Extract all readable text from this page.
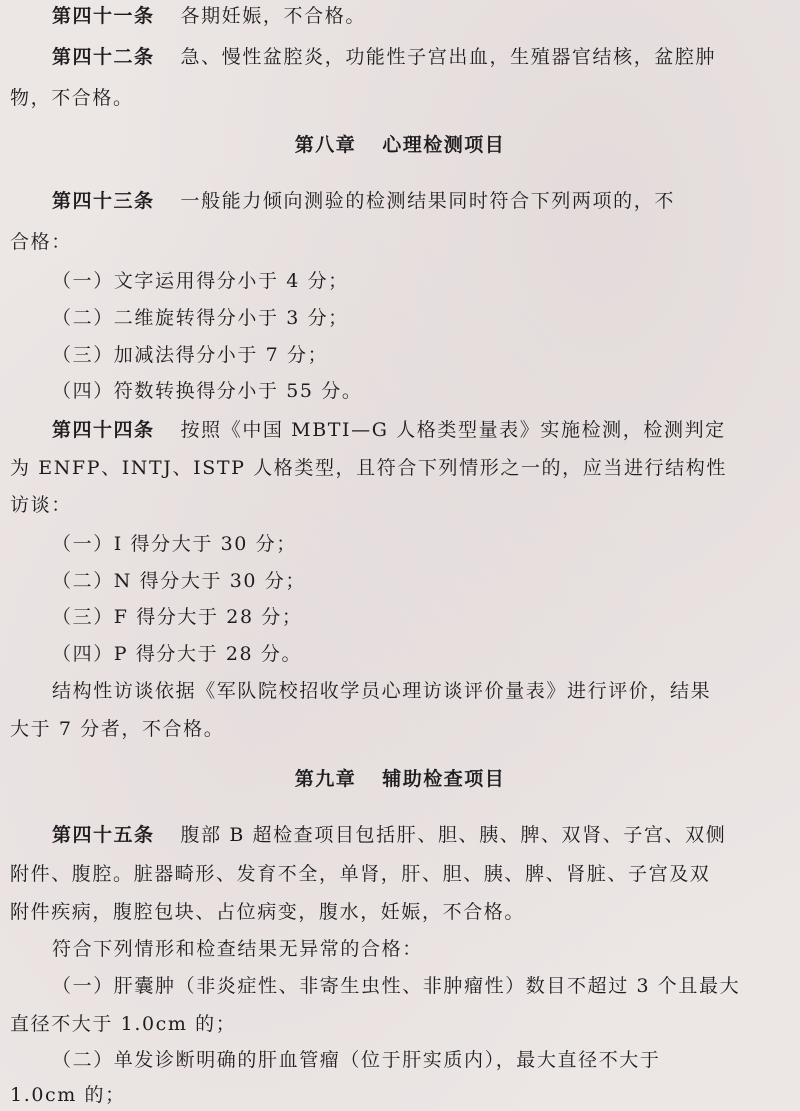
第四十一条 各期妊娠，不合格。
第四十二条 急、慢性盆腔炎，功能性子宫出血，生殖器官结核，盆腔肿
物，不合格。
第八章 心理检测项目
第四十三条 一般能力倾向测验的检测结果同时符合下列两项的，不
合格：
（一）文字运用得分小于 4 分；
（二）二维旋转得分小于 3 分；
（三）加减法得分小于 7 分；
（四）符数转换得分小于 55 分。
第四十四条 按照《中国 MBTI—G 人格类型量表》实施检测，检测判定
为 ENFP、INTJ、ISTP 人格类型，且符合下列情形之一的，应当进行结构性
访谈：
（一）I 得分大于 30 分；
（二）N 得分大于 30 分；
（三）F 得分大于 28 分；
（四）P 得分大于 28 分。
结构性访谈依据《军队院校招收学员心理访谈评价量表》进行评价，结果
大于 7 分者，不合格。
第九章 辅助检查项目
第四十五条 腹部 B 超检查项目包括肝、胆、胰、脾、双肾、子宫、双侧
附件、腹腔。脏器畸形、发育不全，单肾，肝、胆、胰、脾、肾脏、子宫及双
附件疾病，腹腔包块、占位病变，腹水，妊娠，不合格。
符合下列情形和检查结果无异常的合格：
（一）肝囊肿（非炎症性、非寄生虫性、非肿瘤性）数目不超过 3 个且最大
直径不大于 1.0cm 的；
（二）单发诊断明确的肝血管瘤（位于肝实质内），最大直径不大于
1.0cm 的；
